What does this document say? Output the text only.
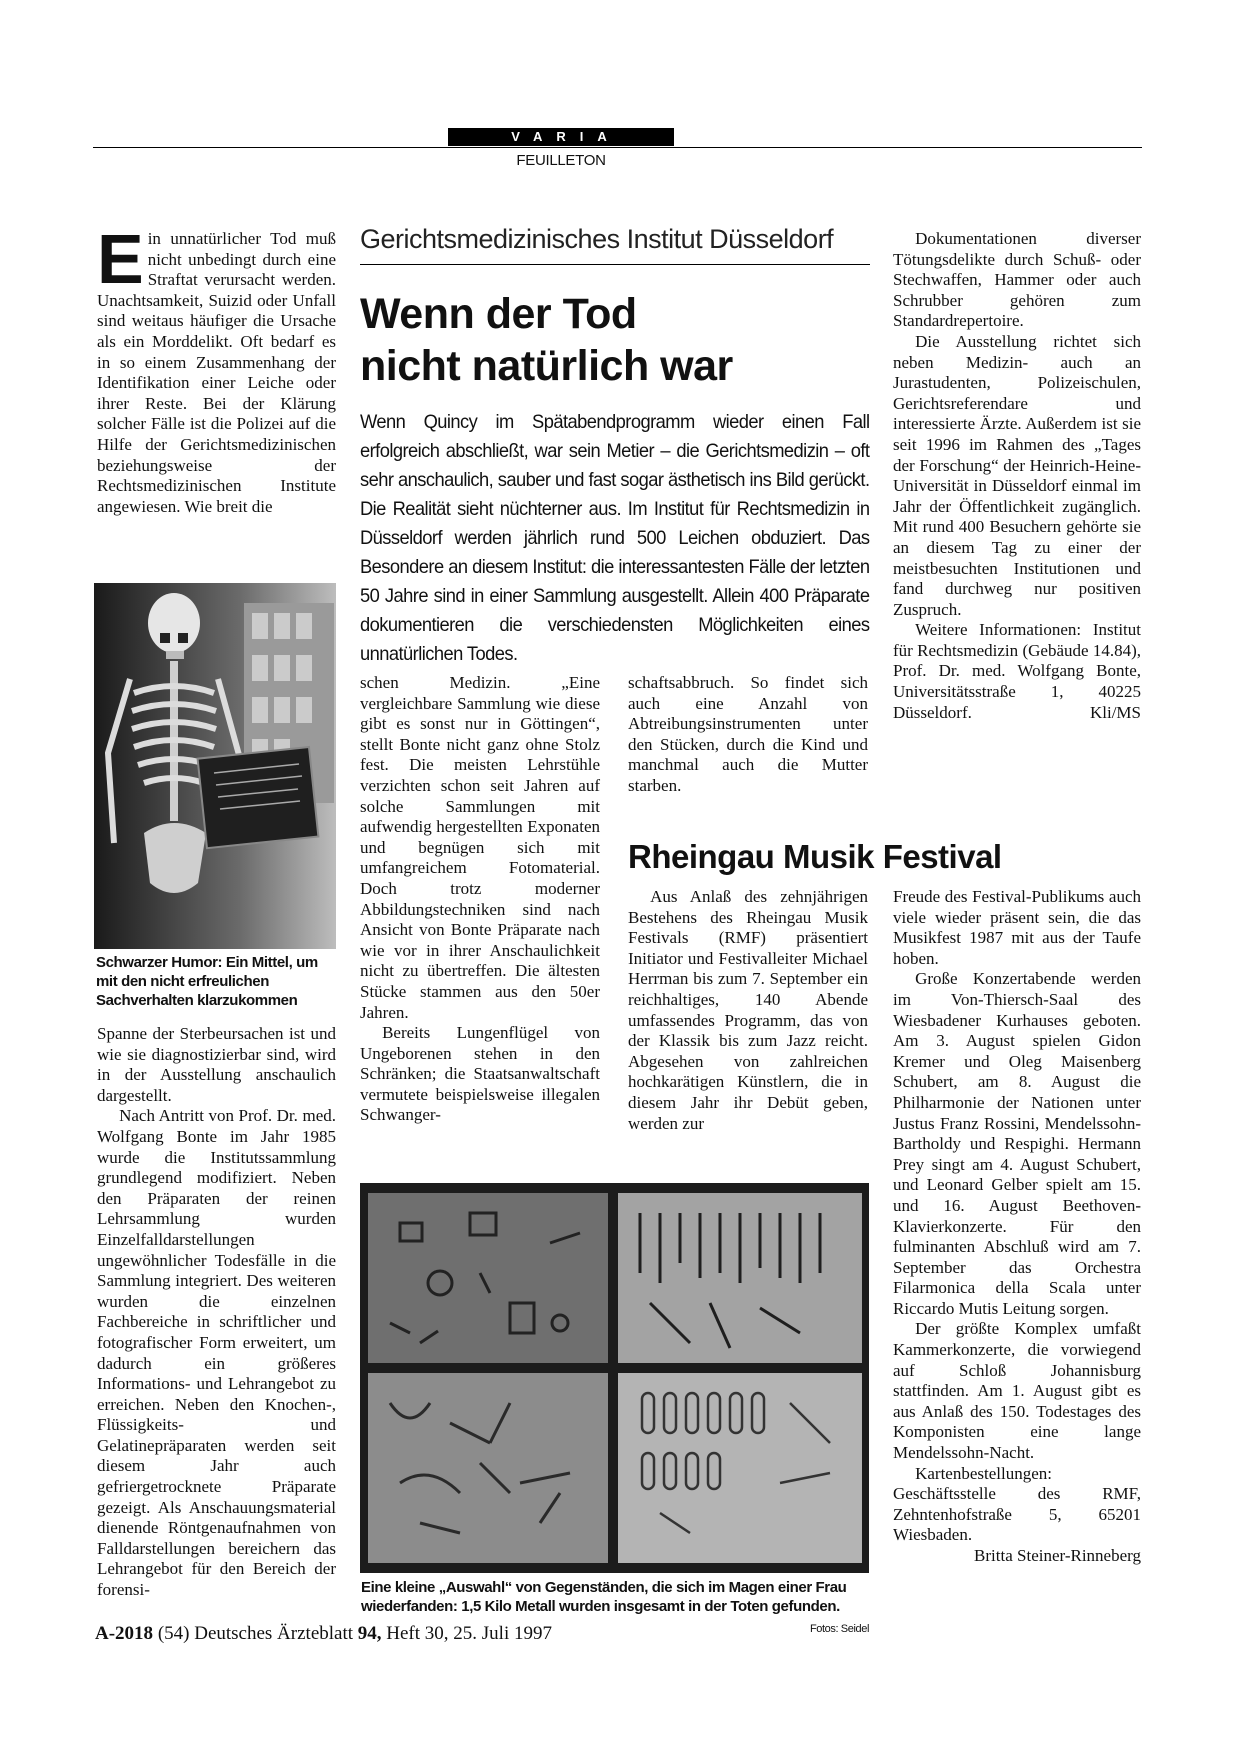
VARIA
FEUILLETON
E in unnatürlicher Tod muß nicht unbedingt durch eine Straftat verursacht werden. Unachtsamkeit, Suizid oder Unfall sind weitaus häufiger die Ursache als ein Morddelikt. Oft bedarf es in so einem Zusammenhang der Identifikation einer Leiche oder ihrer Reste. Bei der Klärung solcher Fälle ist die Polizei auf die Hilfe der Gerichtsmedizinischen beziehungsweise der Rechtsmedizinischen Institute angewiesen. Wie breit die

Schwarzer Humor: Ein Mittel, um mit den nicht erfreulichen Sachverhalten klarzukommen

Spanne der Sterbeursachen ist und wie sie diagnostizierbar sind, wird in der Ausstellung anschaulich dargestellt.

Nach Antritt von Prof. Dr. med. Wolfgang Bonte im Jahr 1985 wurde die Institutssammlung grundlegend modifiziert. Neben den Präparaten der reinen Lehrsammlung wurden Einzelfalldarstellungen ungewöhnlicher Todesfälle in die Sammlung integriert. Des weiteren wurden die einzelnen Fachbereiche in schriftlicher und fotografischer Form erweitert, um dadurch ein größeres Informations- und Lehrangebot zu erreichen. Neben den Knochen-, Flüssigkeits- und Gelatinepräparaten werden seit diesem Jahr auch gefriergetrocknete Präparate gezeigt. Als Anschauungsmaterial dienende Röntgenaufnahmen von Falldarstellungen bereichern das Lehrangebot für den Bereich der forensi-

Gerichtsmedizinisches Institut Düsseldorf
Wenn der Tod
nicht natürlich war
Wenn Quincy im Spätabendprogramm wieder einen Fall erfolgreich abschließt, war sein Metier – die Gerichtsmedizin – oft sehr anschaulich, sauber und fast sogar ästhetisch ins Bild gerückt. Die Realität sieht nüchterner aus. Im Institut für Rechtsmedizin in Düsseldorf werden jährlich rund 500 Leichen obduziert. Das Besondere an diesem Institut: die interessantesten Fälle der letzten 50 Jahre sind in einer Sammlung ausgestellt. Allein 400 Präparate dokumentieren die verschiedensten Möglichkeiten eines unnatürlichen Todes.

schen Medizin. „Eine vergleichbare Sammlung wie diese gibt es sonst nur in Göttingen“, stellt Bonte nicht ganz ohne Stolz fest. Die meisten Lehrstühle verzichten schon seit Jahren auf solche Sammlungen mit aufwendig hergestellten Exponaten und begnügen sich mit umfangreichem Fotomaterial. Doch trotz moderner Abbildungstechniken sind nach Ansicht von Bonte Präparate nach wie vor in ihrer Anschaulichkeit nicht zu übertreffen. Die ältesten Stücke stammen aus den 50er Jahren.

Bereits Lungenflügel von Ungeborenen stehen in den Schränken; die Staatsanwaltschaft vermutete beispielsweise illegalen Schwanger-

schaftsabbruch. So findet sich auch eine Anzahl von Abtreibungsinstrumenten unter den Stücken, durch die Kind und manchmal auch die Mutter starben.

Dokumentationen diverser Tötungsdelikte durch Schuß- oder Stechwaffen, Hammer oder auch Schrubber gehören zum Standardrepertoire.

Die Ausstellung richtet sich neben Medizin- auch an Jurastudenten, Polizeischulen, Gerichtsreferendare und interessierte Ärzte. Außerdem ist sie seit 1996 im Rahmen des „Tages der Forschung“ der Heinrich-Heine-Universität in Düsseldorf einmal im Jahr der Öffentlichkeit zugänglich. Mit rund 400 Besuchern gehörte sie an diesem Tag zu einer der meistbesuchten Institutionen und fand durchweg nur positiven Zuspruch.

Weitere Informationen: Institut für Rechtsmedizin (Gebäude 14.84), Prof. Dr. med. Wolfgang Bonte, Universitätsstraße 1, 40225 Düsseldorf.	Kli/MS

Rheingau Musik Festival

Aus Anlaß des zehnjährigen Bestehens des Rheingau Musik Festivals (RMF) präsentiert Initiator und Festivalleiter Michael Herrman bis zum 7. September ein reichhaltiges, 140 Abende umfassendes Programm, das von der Klassik bis zum Jazz reicht. Abgesehen von zahlreichen hochkarätigen Künstlern, die in diesem Jahr ihr Debüt geben, werden zur

Freude des Festival-Publikums auch viele wieder präsent sein, die das Musikfest 1987 mit aus der Taufe hoben.

Große Konzertabende werden im Von-Thiersch-Saal des Wiesbadener Kurhauses geboten. Am 3. August spielen Gidon Kremer und Oleg Maisenberg Schubert, am 8. August die Philharmonie der Nationen unter Justus Franz Rossini, Mendelssohn-Bartholdy und Respighi. Hermann Prey singt am 4. August Schubert, und Leonard Gelber spielt am 15. und 16. August Beethoven-Klavierkonzerte. Für den fulminanten Abschluß wird am 7. September das Orchestra Filarmonica della Scala unter Riccardo Mutis Leitung sorgen.

Der größte Komplex umfaßt Kammerkonzerte, die vorwiegend auf Schloß Johannisburg stattfinden. Am 1. August gibt es aus Anlaß des 150. Todestages des Komponisten eine lange Mendelssohn-Nacht.

Kartenbestellungen: Geschäftsstelle des RMF, Zehntenhofstraße 5, 65201 Wiesbaden.

Britta Steiner-Rinneberg

Eine kleine „Auswahl“ von Gegenständen, die sich im Magen einer Frau wiederfanden: 1,5 Kilo Metall wurden insgesamt in der Toten gefunden.
Fotos: Seidel
A-2018 (54) Deutsches Ärzteblatt 94, Heft 30, 25. Juli 1997
